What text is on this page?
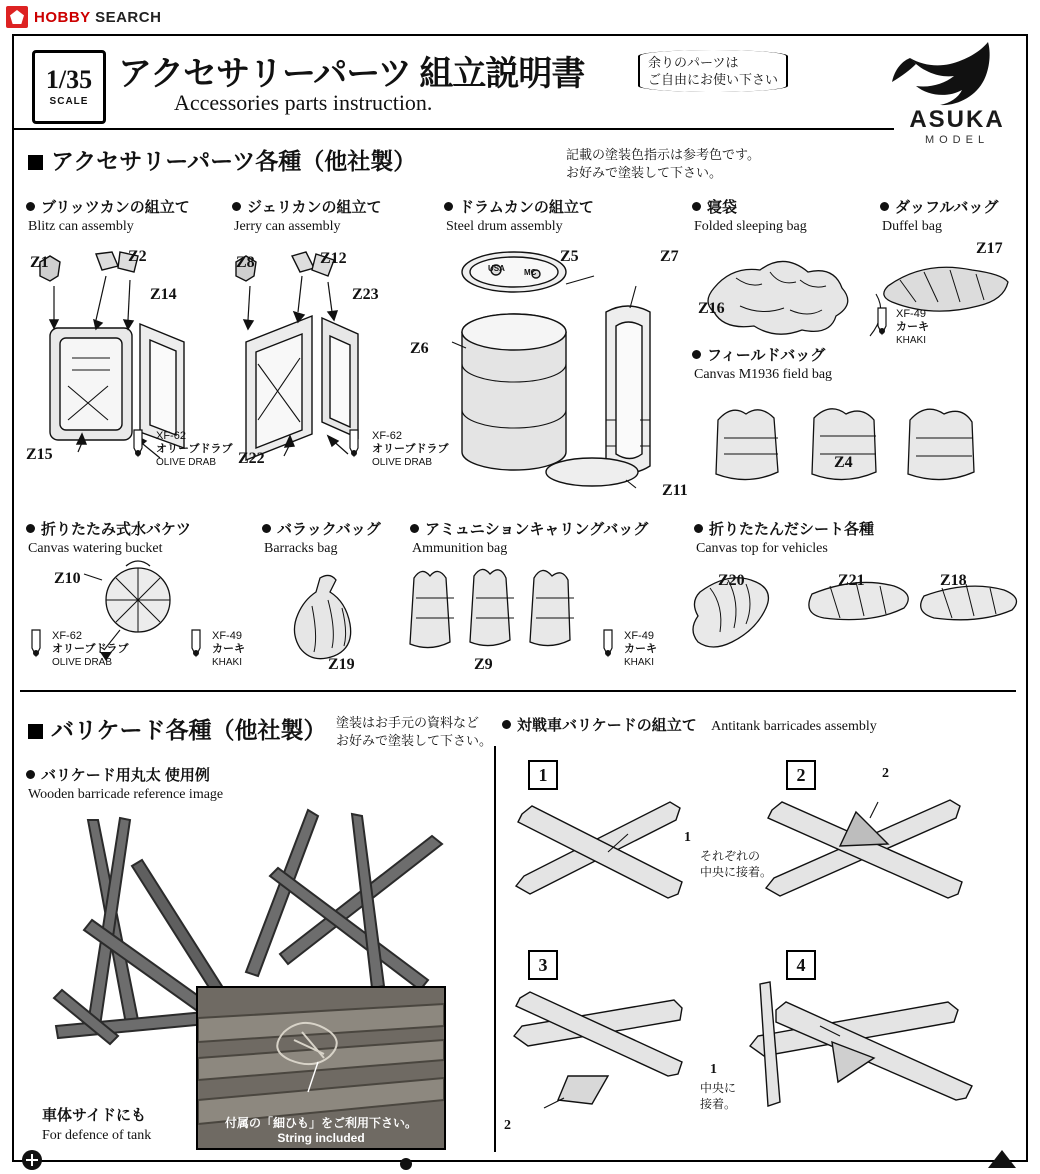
HOBBY SEARCH
1/35
SCALE
アクセサリーパーツ 組立説明書
Accessories parts instruction.
余りのパーツは
ご自由にお使い下さい
ASUKA
MODEL
アクセサリーパーツ各種（他社製）	記載の塗装色指示は参考色です。
お好みで塗装して下さい。
ブリッツカンの組立て
Blitz can assembly
ジェリカンの組立て
Jerry can assembly
ドラムカンの組立て
Steel drum assembly
寝袋
Folded sleeping bag
ダッフルバッグ
Duffel bag
フィールドバッグ
Canvas M1936 field bag
折りたたみ式水バケツ
Canvas watering bucket
バラックバッグ
Barracks bag
アミュニションキャリングバッグ
Ammunition bag
折りたたんだシート各種
Canvas top for vehicles
Z1	Z2
Z14
Z15
XF-62
オリーブドラブ
OLIVE DRAB
Z8	Z12
Z23
Z22
XF-62
オリーブドラブ
OLIVE DRAB
USA MC
Z6
Z5	Z7
Z11
Z16
Z17
XF-49
カーキ
KHAKI
Z4
Z10
XF-62
オリーブドラブ
OLIVE DRAB	Z19
XF-49
カーキ
KHAKI	Z9
XF-49
カーキ
KHAKI
Z20	Z21	Z18
バリケード各種（他社製） 塗装はお手元の資料など
お好みで塗装して下さい。
対戦車バリケードの組立て Antitank barricades assembly
バリケード用丸太 使用例
Wooden barricade reference image
付属の「細ひも」をご利用下さい。
String included
車体サイドにも
For defence of tank
1
1
それぞれの
中央に接着。
2	2
3
2
4
1
中央に
接着。
